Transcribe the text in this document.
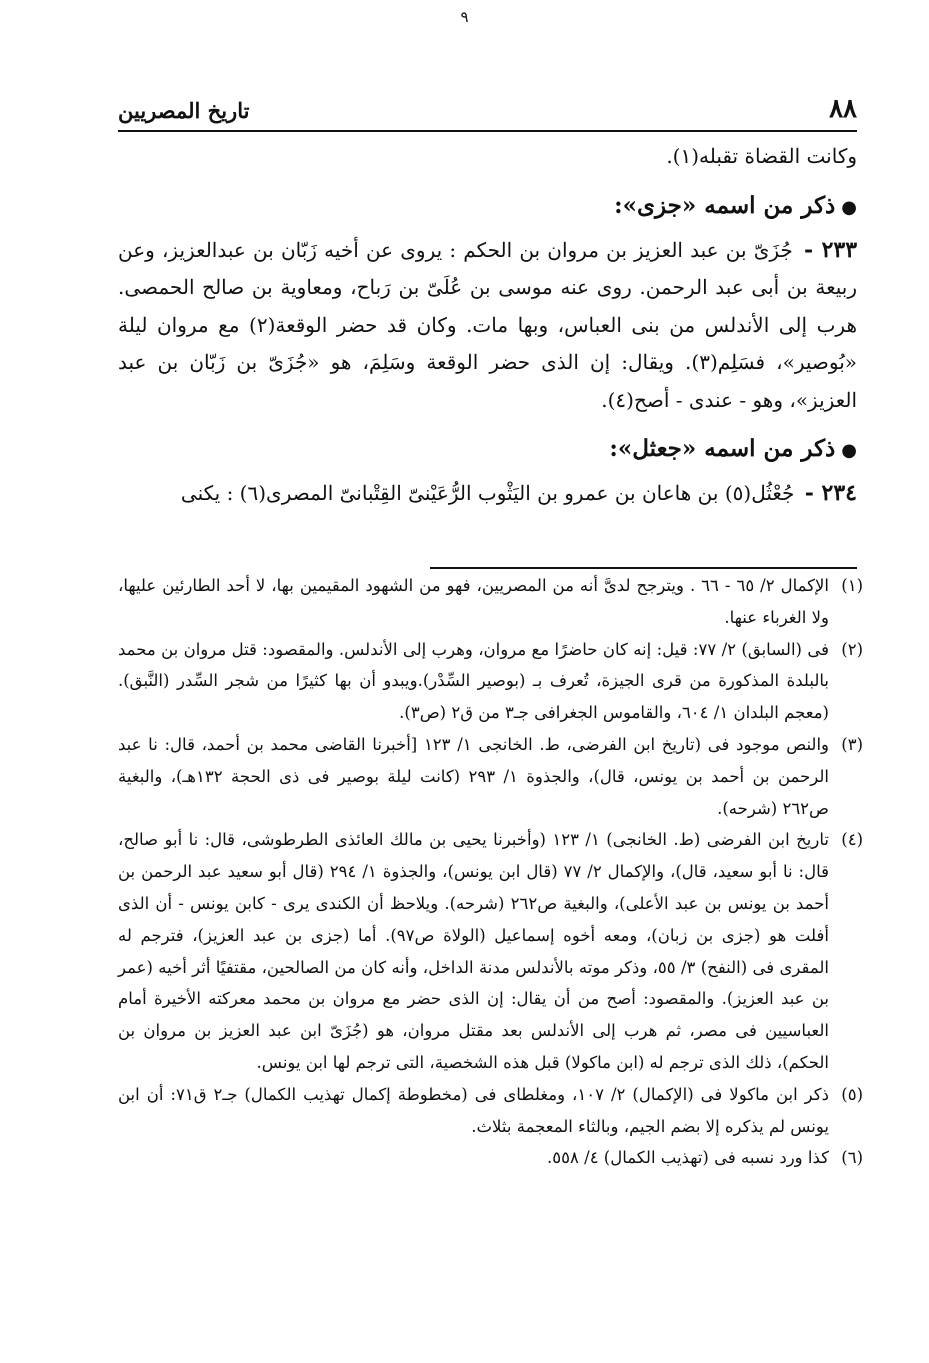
٩
٨٨
تاريخ المصريين

وكانت القضاة تقبله(١).

●ذكر من اسمه «جزى»:

٢٣٣ - جُزَىّ بن عبد العزيز بن مروان بن الحكم : يروى عن أخيه زَبّان بن عبدالعزيز، وعن ربيعة بن أبى عبد الرحمن. روى عنه موسى بن عُلَىّ بن رَباح، ومعاوية بن صالح الحمصى. هرب إلى الأندلس من بنى العباس، وبها مات. وكان قد حضر الوقعة(٢) مع مروان ليلة «بُوصير»، فسَلِم(٣). ويقال: إن الذى حضر الوقعة وسَلِمَ، هو «جُزَىّ بن زَبّان بن عبد العزيز»، وهو - عندى - أصح(٤).

●ذكر من اسمه «جعثل»:

٢٣٤ - جُعْثُل(٥) بن هاعان بن عمرو بن اليَثْوب الرُّعَيْنىّ القِتْبانىّ المصرى(٦) : يكنى

(١)
الإكمال ٢/ ٦٥ - ٦٦ . ويترجح لدىَّ أنه من المصريين، فهو من الشهود المقيمين بها، لا أحد الطارئين عليها، ولا الغرباء عنها.

(٢)
فى (السابق) ٢/ ٧٧: قيل: إنه كان حاضرًا مع مروان، وهرب إلى الأندلس. والمقصود: قتل مروان بن محمد بالبلدة المذكورة من قرى الجيزة، تُعرف بـ (بوصير السِّدْر).ويبدو أن بها كثيرًا من شجر السِّدر (النَّبق). (معجم البلدان ١/ ٦٠٤، والقاموس الجغرافى جـ٣ من ق٢ (ص٣).

(٣)
والنص موجود فى (تاريخ ابن الفرضى، ط. الخانجى ١/ ١٢٣ [أخبرنا القاضى محمد بن أحمد، قال: نا عبد الرحمن بن أحمد بن يونس، قال)، والجذوة ١/ ٢٩٣ (كانت ليلة بوصير فى ذى الحجة ١٣٢هـ)، والبغية ص٢٦٢ (شرحه).

(٤)
تاريخ ابن الفرضى (ط. الخانجى) ١/ ١٢٣ (وأخبرنا يحيى بن مالك العائذى الطرطوشى، قال: نا أبو صالح، قال: نا أبو سعيد، قال)، والإكمال ٢/ ٧٧ (قال ابن يونس)، والجذوة ١/ ٢٩٤ (قال أبو سعيد عبد الرحمن بن أحمد بن يونس بن عبد الأعلى)، والبغية ص٢٦٢ (شرحه). ويلاحظ أن الكندى يرى - كابن يونس - أن الذى أفلت هو (جزى بن زبان)، ومعه أخوه إسماعيل (الولاة ص٩٧). أما (جزى بن عبد العزيز)، فترجم له المقرى فى (النفح) ٣/ ٥٥، وذكر موته بالأندلس مدنة الداخل، وأنه كان من الصالحين، مقتفيًا أثر أخيه (عمر بن عبد العزيز). والمقصود: أصح من أن يقال: إن الذى حضر مع مروان بن محمد معركته الأخيرة أمام العباسيين فى مصر، ثم هرب إلى الأندلس بعد مقتل مروان، هو (جُزَىّ ابن عبد العزيز بن مروان بن الحكم)، ذلك الذى ترجم له (ابن ماكولا) قبل هذه الشخصية، التى ترجم لها ابن يونس.

(٥)
ذكر ابن ماكولا فى (الإكمال) ٢/ ١٠٧، ومغلطاى فى (مخطوطة إكمال تهذيب الكمال) جـ٢ ق٧١: أن ابن يونس لم يذكره إلا بضم الجيم، وبالثاء المعجمة بثلاث.

(٦)
كذا ورد نسبه فى (تهذيب الكمال) ٤/ ٥٥٨.
